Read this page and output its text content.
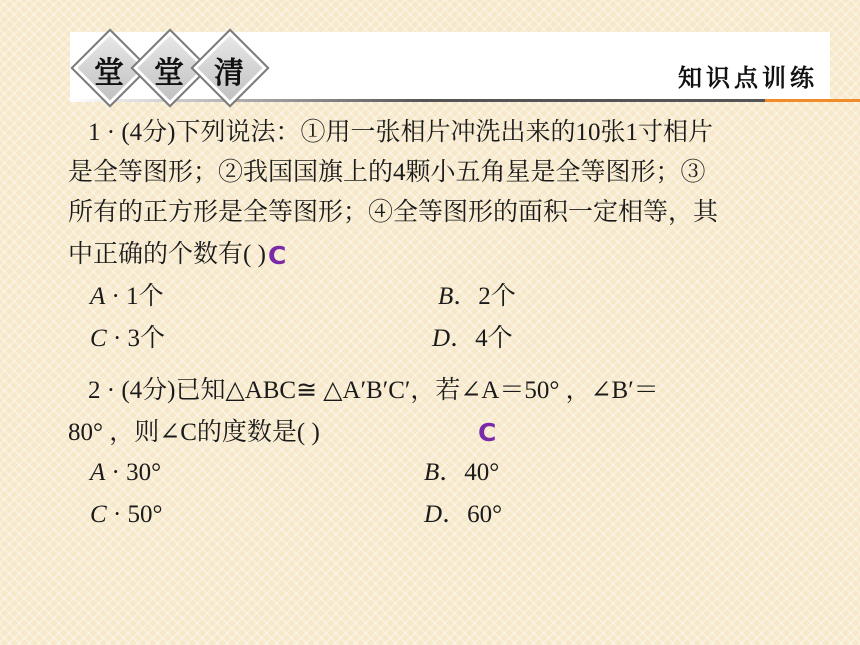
堂	堂	清	知识点训练
1 · (4分)下列说法：①用一张相片冲洗出来的10张1寸相片
是全等图形；②我国国旗上的4颗小五角星是全等图形；③
所有的正方形是全等图形；④全等图形的面积一定相等，其
中正确的个数有( ) C
A · 1个	B．2个
C · 3个	D．4个
2 · (4分)已知△ABC≅ △A′B′C′，若∠A＝50° ，∠B′＝
80° ，则∠C的度数是( )	C
A · 30°	B．40°
C · 50°	D．60°
